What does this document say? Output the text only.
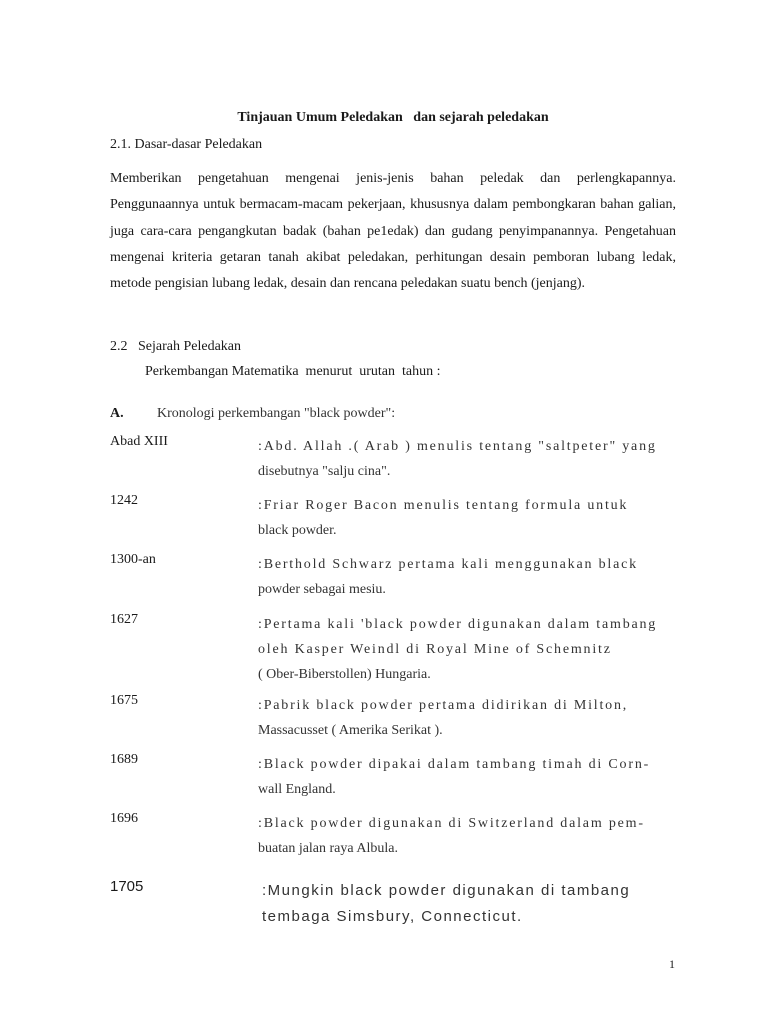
Tinjauan Umum Peledakan   dan sejarah peledakan
2.1. Dasar-dasar Peledakan
Memberikan pengetahuan mengenai jenis-jenis bahan peledak dan perlengkapannya. Penggunaannya untuk bermacam-macam pekerjaan, khususnya dalam pembongkaran bahan galian, juga cara-cara pengangkutan badak (bahan pe1edak) dan gudang penyimpanannya. Pengetahuan mengenai kriteria getaran tanah akibat peledakan, perhitungan desain pemboran lubang ledak, metode pengisian lubang ledak, desain dan rencana peledakan suatu bench (jenjang).
2.2   Sejarah Peledakan
Perkembangan Matematika  menurut  urutan  tahun :
A. Kronologi perkembangan "black powder":
Abad XIII	:Abd. Allah .( Arab ) menulis tentang "saltpeter" yang
disebutnya "salju cina".
1242	:Friar Roger Bacon menulis tentang formula untuk
black powder.
1300-an	:Berthold Schwarz pertama kali menggunakan black
powder sebagai mesiu.
1627	:Pertama kali 'black powder digunakan dalam tambang
oleh Kasper Weindl di Royal Mine of Schemnitz
( Ober-Biberstollen) Hungaria.
1675	:Pabrik black powder pertama didirikan di Milton,
Massacusset ( Amerika Serikat ).
1689	:Black powder dipakai dalam tambang timah di Corn-
wall England.
1696	:Black powder digunakan di Switzerland dalam pem-
buatan jalan raya Albula.
1705	:Mungkin black powder digunakan di tambang
tembaga Simsbury, Connecticut.
1
